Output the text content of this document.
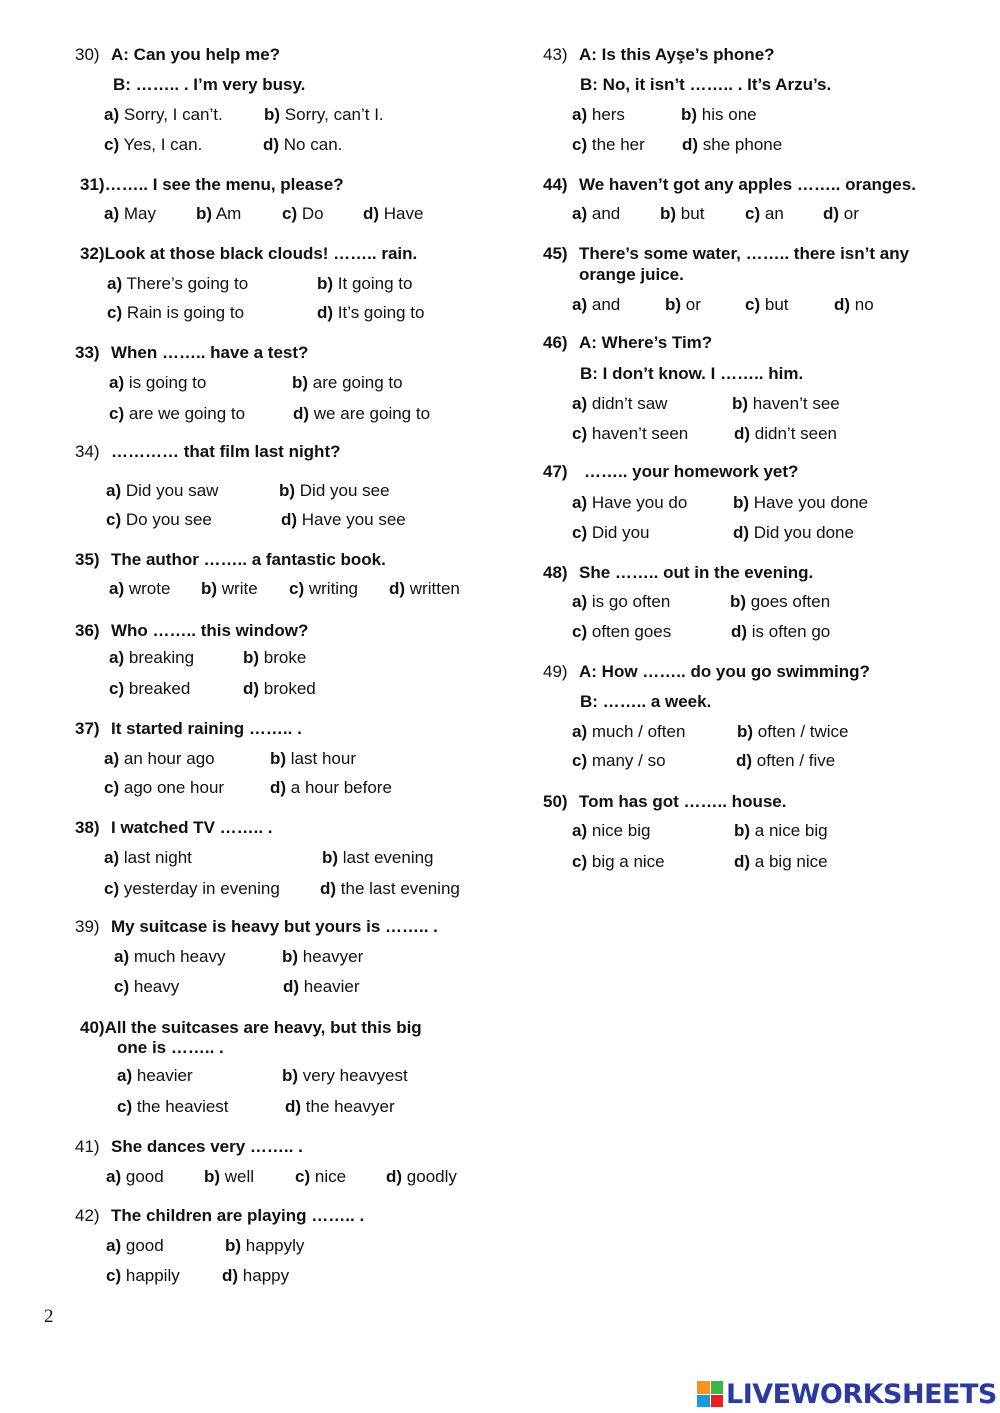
30) A: Can you help me?
B: …….. . I’m very busy.
a) Sorry, I can’t. b) Sorry, can’t I.
c) Yes, I can.	d) No can.
31)…….. I see the menu, please?
a) May b) Am c) Do d) Have
32)Look at those black clouds! …….. rain.
a) There’s going to	b) It going to
c) Rain is going to	d) It’s going to
33) When …….. have a test?
a) is going to	b) are going to
c) are we going to	d) we are going to
34) ………… that film last night?
a) Did you saw	b) Did you see
c) Do you see	d) Have you see
35) The author …….. a fantastic book.
a) wrote b) write c) writing d) written
36) Who …….. this window?
a) breaking	b) broke
c) breaked	d) broked
37) It started raining …….. .
a) an hour ago	b) last hour
c) ago one hour	d) a hour before
38) I watched TV …….. .
a) last night	b) last evening
c) yesterday in evening d) the last evening
39) My suitcase is heavy but yours is …….. .
a) much heavy	b) heavyer
c) heavy	d) heavier
40)All the suitcases are heavy, but this big
one is …….. .
a) heavier	b) very heavyest
c) the heaviest	d) the heavyer
41) She dances very …….. .
a) good b) well c) nice d) goodly
42) The children are playing …….. .
a) good	b) happyly
c) happily d) happy
43) A: Is this Ayşe’s phone?
B: No, it isn’t …….. . It’s Arzu’s.
a) hers	b) his one
c) the her d) she phone
44) We haven’t got any apples …….. oranges.
a) and b) but c) an d) or
45) There’s some water, …….. there isn’t any
orange juice.
a) and	b) or	c) but	d) no
46) A: Where’s Tim?
B: I don’t know. I …….. him.
a) didn’t saw	b) haven’t see
c) haven’t seen	d) didn’t seen
47) …….. your homework yet?
a) Have you do	b) Have you done
c) Did you	d) Did you done
48) She …….. out in the evening.
a) is go often	b) goes often
c) often goes	d) is often go
49) A: How …….. do you go swimming?
B: …….. a week.
a) much / often	b) often / twice
c) many / so	d) often / five
50) Tom has got …….. house.
a) nice big	b) a nice big
c) big a nice	d) a big nice
2
LIVEWORKSHEETS
